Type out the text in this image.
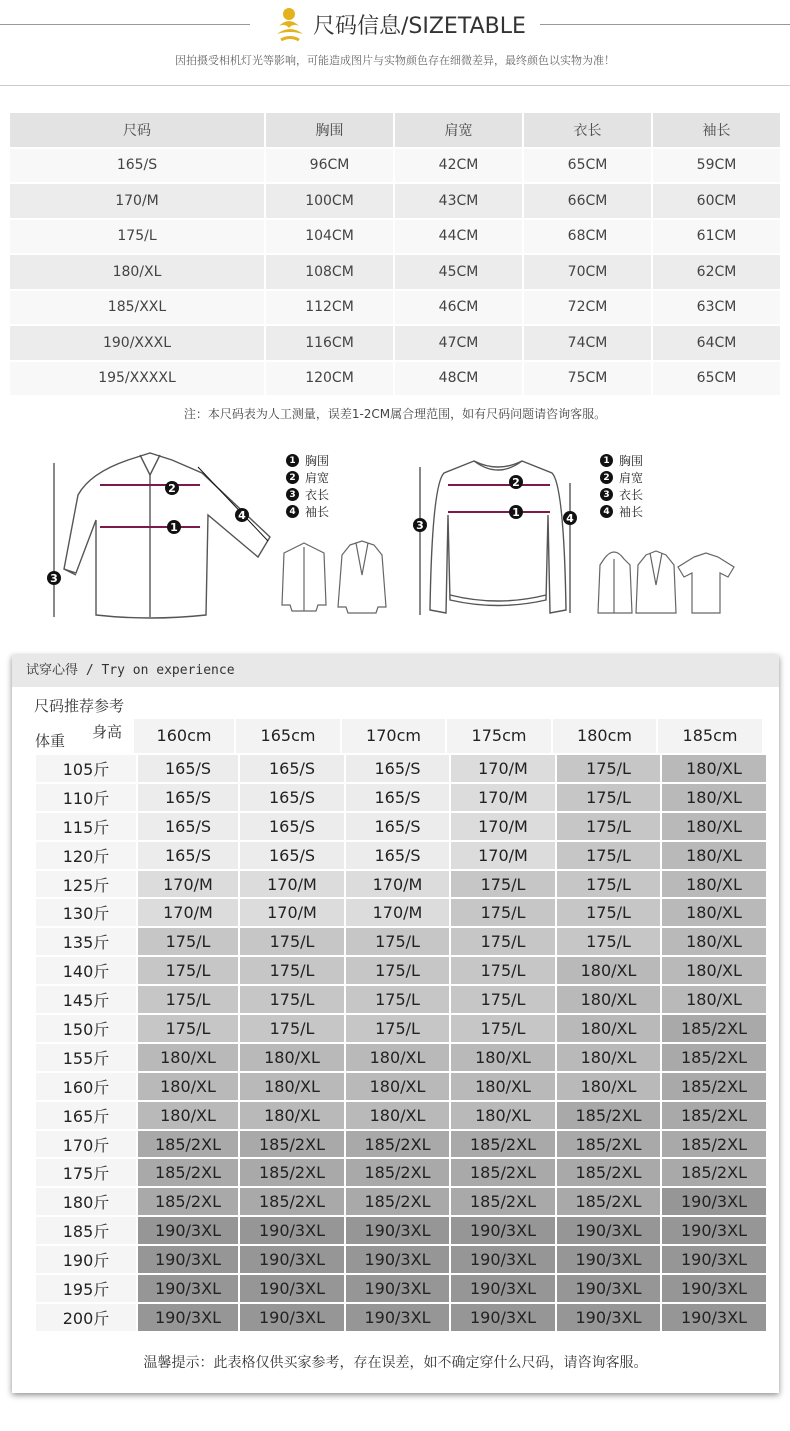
尺码信息/SIZETABLE
因拍摄受相机灯光等影响，可能造成图片与实物颜色存在细微差异，最终颜色以实物为准！
尺码	胸围	肩宽	衣长	袖长
165/S	96CM	42CM	65CM	59CM
170/M	100CM	43CM	66CM	60CM
175/L	104CM	44CM	68CM	61CM
180/XL	108CM	45CM	70CM	62CM
185/XXL	112CM	46CM	72CM	63CM
190/XXXL	116CM	47CM	74CM	64CM
195/XXXXL	120CM	48CM	75CM	65CM
注：本尺码表为人工测量，误差1-2CM属合理范围，如有尺码问题请咨询客服。
1
2
3
4
1 胸围
2 肩宽
3 衣长
4 袖长	1
2
3
4
1 胸围
2 肩宽
3 衣长
4 袖长
试穿心得 / Try on experience
尺码推荐参考
身高
体重	160cm	165cm	170cm	175cm	180cm	185cm
105斤	165/S	165/S	165/S	170/M	175/L	180/XL
110斤	165/S	165/S	165/S	170/M	175/L	180/XL
115斤	165/S	165/S	165/S	170/M	175/L	180/XL
120斤	165/S	165/S	165/S	170/M	175/L	180/XL
125斤	170/M	170/M	170/M	175/L	175/L	180/XL
130斤	170/M	170/M	170/M	175/L	175/L	180/XL
135斤	175/L	175/L	175/L	175/L	175/L	180/XL
140斤	175/L	175/L	175/L	175/L	180/XL	180/XL
145斤	175/L	175/L	175/L	175/L	180/XL	180/XL
150斤	175/L	175/L	175/L	175/L	180/XL	185/2XL
155斤	180/XL	180/XL	180/XL	180/XL	180/XL	185/2XL
160斤	180/XL	180/XL	180/XL	180/XL	180/XL	185/2XL
165斤	180/XL	180/XL	180/XL	180/XL	185/2XL	185/2XL
170斤	185/2XL	185/2XL	185/2XL	185/2XL	185/2XL	185/2XL
175斤	185/2XL	185/2XL	185/2XL	185/2XL	185/2XL	185/2XL
180斤	185/2XL	185/2XL	185/2XL	185/2XL	185/2XL	190/3XL
185斤	190/3XL	190/3XL	190/3XL	190/3XL	190/3XL	190/3XL
190斤	190/3XL	190/3XL	190/3XL	190/3XL	190/3XL	190/3XL
195斤	190/3XL	190/3XL	190/3XL	190/3XL	190/3XL	190/3XL
200斤	190/3XL	190/3XL	190/3XL	190/3XL	190/3XL	190/3XL
温馨提示：此表格仅供买家参考，存在误差，如不确定穿什么尺码，请咨询客服。
